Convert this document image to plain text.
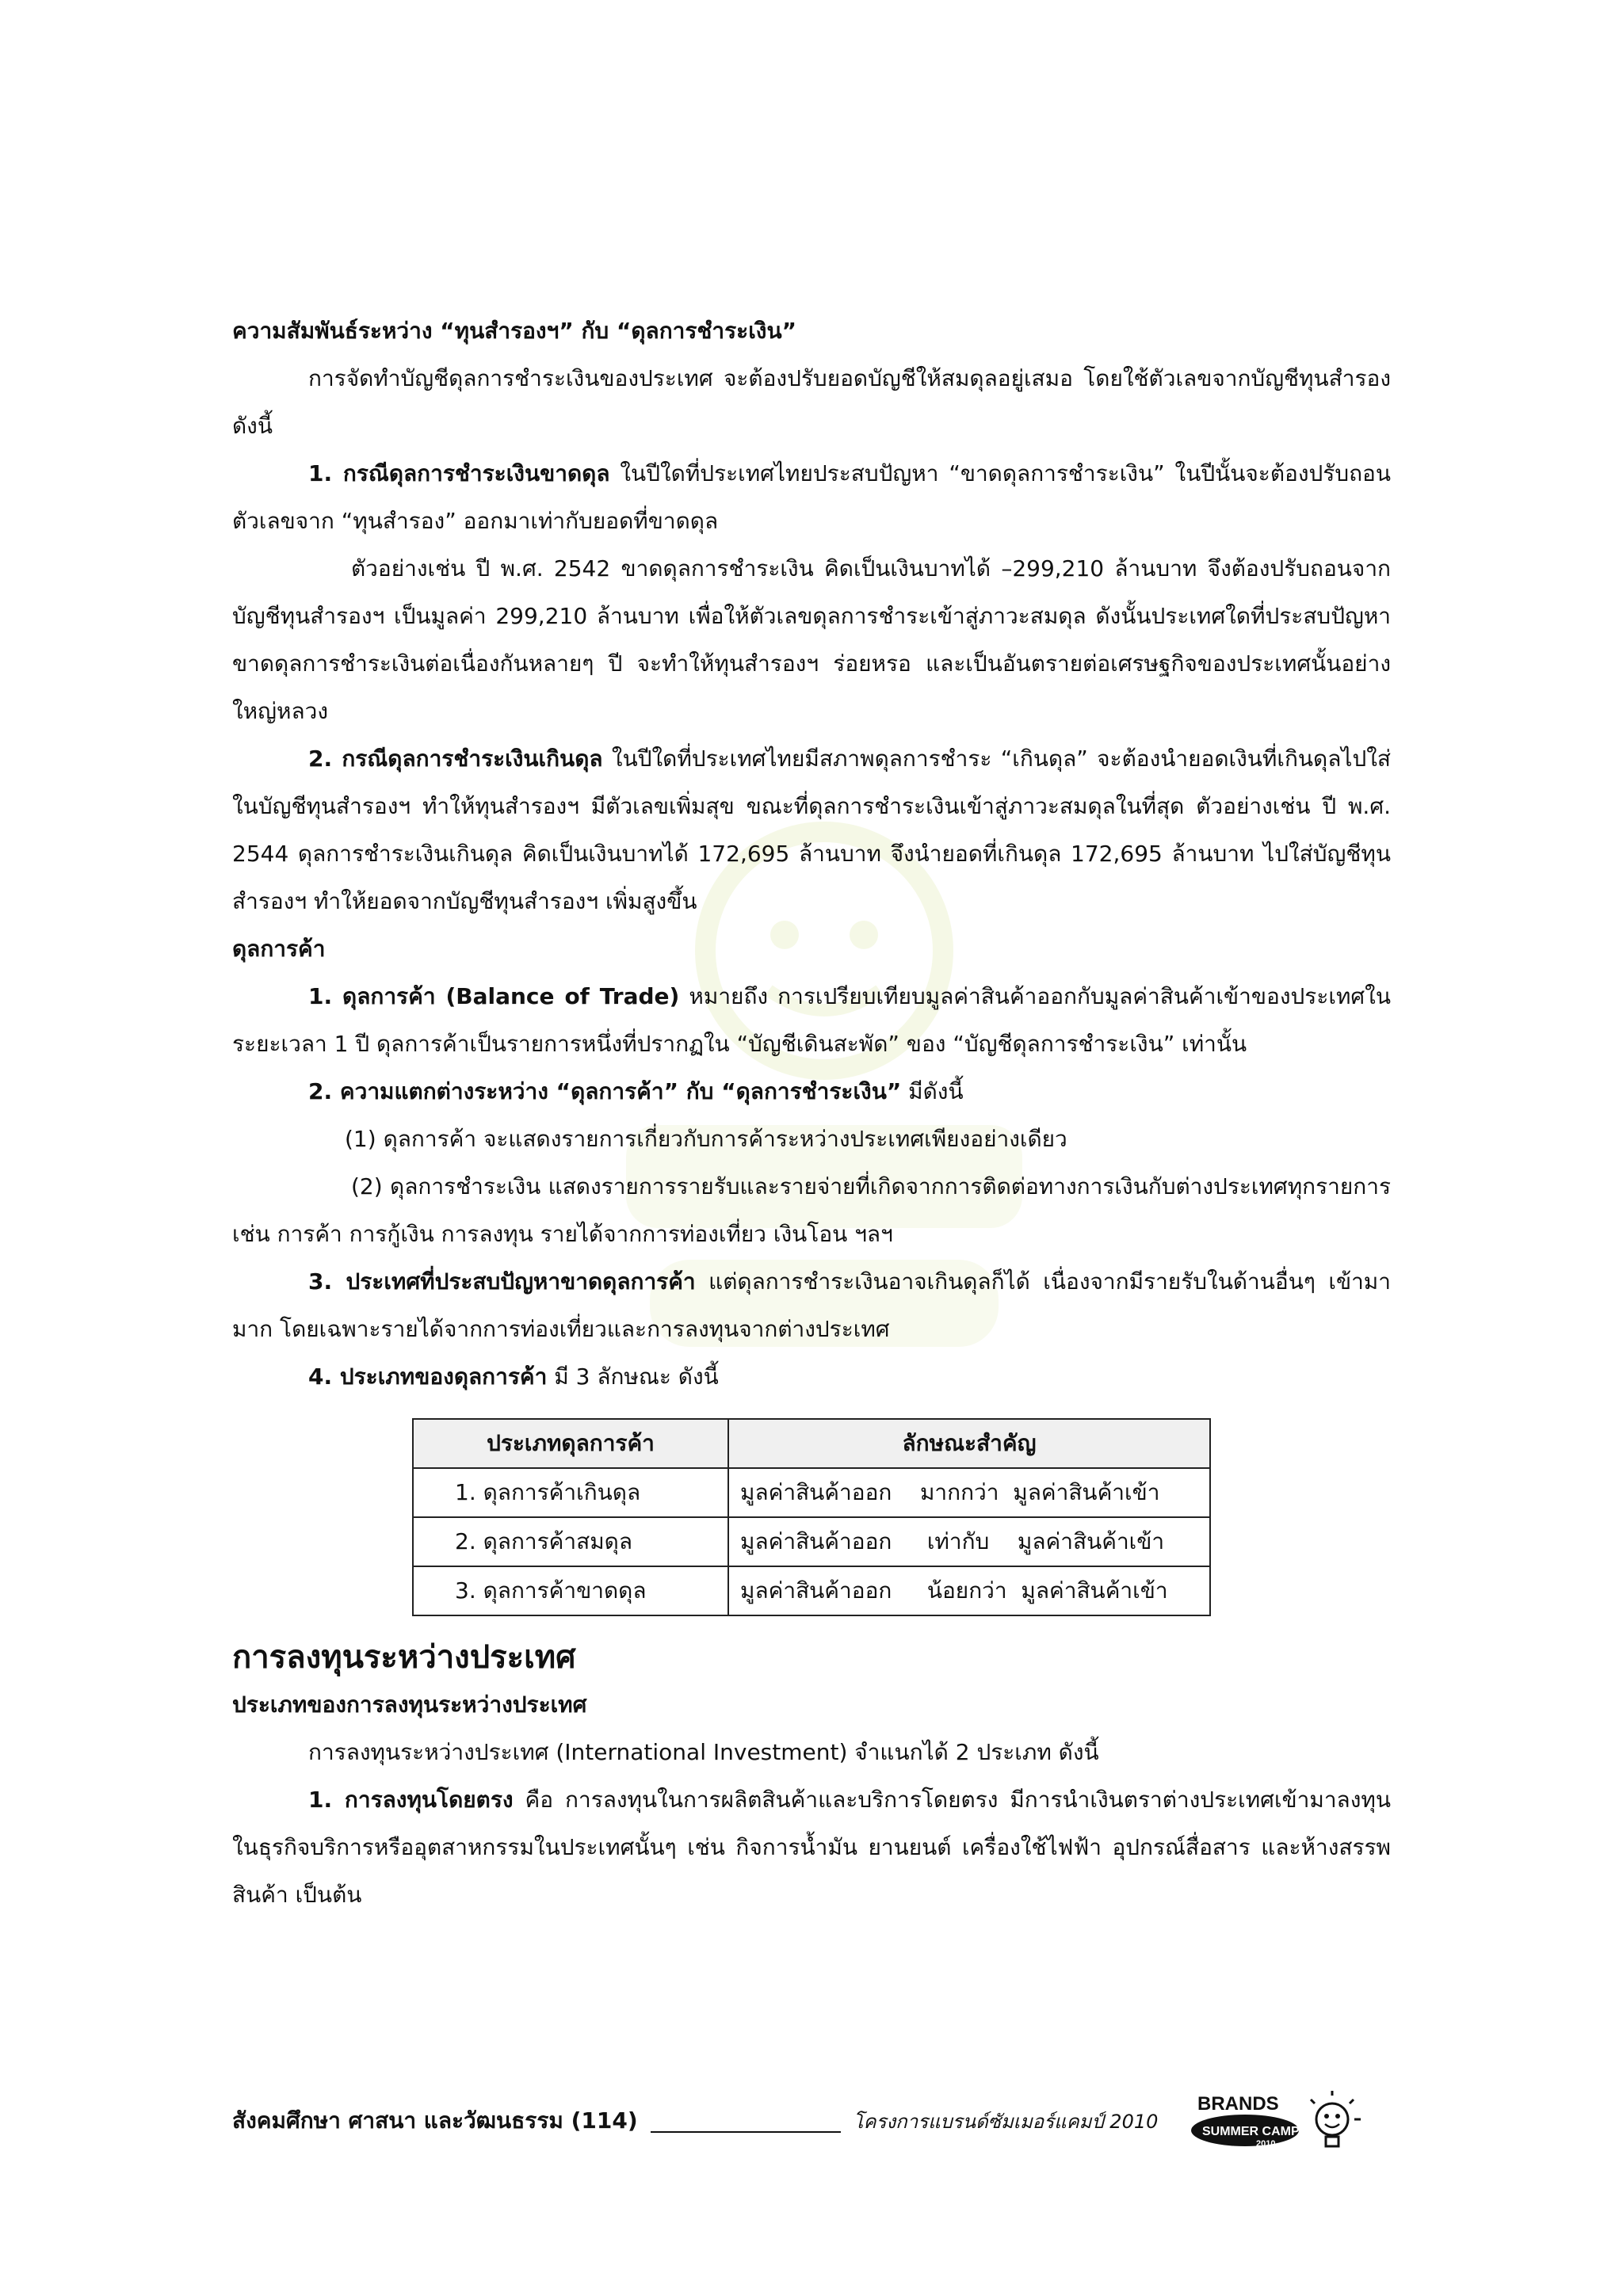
ความสัมพันธ์ระหว่าง “ทุนสำรองฯ” กับ “ดุลการชำระเงิน”

การจัดทำบัญชีดุลการชำระเงินของประเทศ จะต้องปรับยอดบัญชีให้สมดุลอยู่เสมอ โดยใช้ตัวเลขจากบัญชีทุนสำรอง ดังนี้

1. กรณีดุลการชำระเงินขาดดุล ในปีใดที่ประเทศไทยประสบปัญหา “ขาดดุลการชำระเงิน” ในปีนั้นจะต้องปรับถอนตัวเลขจาก “ทุนสำรอง” ออกมาเท่ากับยอดที่ขาดดุล

ตัวอย่างเช่น ปี พ.ศ. 2542 ขาดดุลการชำระเงิน คิดเป็นเงินบาทได้ –299,210 ล้านบาท จึงต้องปรับถอนจากบัญชีทุนสำรองฯ เป็นมูลค่า 299,210 ล้านบาท เพื่อให้ตัวเลขดุลการชำระเข้าสู่ภาวะสมดุล ดังนั้นประเทศใดที่ประสบปัญหาขาดดุลการชำระเงินต่อเนื่องกันหลายๆ ปี จะทำให้ทุนสำรองฯ ร่อยหรอ และเป็นอันตรายต่อเศรษฐกิจของประเทศนั้นอย่างใหญ่หลวง

2. กรณีดุลการชำระเงินเกินดุล ในปีใดที่ประเทศไทยมีสภาพดุลการชำระ “เกินดุล” จะต้องนำยอดเงินที่เกินดุลไปใส่ในบัญชีทุนสำรองฯ ทำให้ทุนสำรองฯ มีตัวเลขเพิ่มสุข ขณะที่ดุลการชำระเงินเข้าสู่ภาวะสมดุลในที่สุด ตัวอย่างเช่น ปี พ.ศ. 2544 ดุลการชำระเงินเกินดุล คิดเป็นเงินบาทได้ 172,695 ล้านบาท จึงนำยอดที่เกินดุล 172,695 ล้านบาท ไปใส่บัญชีทุนสำรองฯ ทำให้ยอดจากบัญชีทุนสำรองฯ เพิ่มสูงขึ้น

ดุลการค้า

1. ดุลการค้า (Balance of Trade) หมายถึง การเปรียบเทียบมูลค่าสินค้าออกกับมูลค่าสินค้าเข้าของประเทศในระยะเวลา 1 ปี ดุลการค้าเป็นรายการหนึ่งที่ปรากฏใน “บัญชีเดินสะพัด” ของ “บัญชีดุลการชำระเงิน” เท่านั้น

2. ความแตกต่างระหว่าง “ดุลการค้า” กับ “ดุลการชำระเงิน” มีดังนี้

(1) ดุลการค้า จะแสดงรายการเกี่ยวกับการค้าระหว่างประเทศเพียงอย่างเดียว

(2) ดุลการชำระเงิน แสดงรายการรายรับและรายจ่ายที่เกิดจากการติดต่อทางการเงินกับต่างประเทศทุกรายการ เช่น การค้า การกู้เงิน การลงทุน รายได้จากการท่องเที่ยว เงินโอน ฯลฯ

3. ประเทศที่ประสบปัญหาขาดดุลการค้า แต่ดุลการชำระเงินอาจเกินดุลก็ได้ เนื่องจากมีรายรับในด้านอื่นๆ เข้ามามาก โดยเฉพาะรายได้จากการท่องเที่ยวและการลงทุนจากต่างประเทศ

4. ประเภทของดุลการค้า มี 3 ลักษณะ ดังนี้

ประเภทดุลการค้า	ลักษณะสำคัญ
1. ดุลการค้าเกินดุล	มูลค่าสินค้าออก    มากกว่า  มูลค่าสินค้าเข้า
2. ดุลการค้าสมดุล	มูลค่าสินค้าออก     เท่ากับ    มูลค่าสินค้าเข้า
3. ดุลการค้าขาดดุล	มูลค่าสินค้าออก     น้อยกว่า  มูลค่าสินค้าเข้า

การลงทุนระหว่างประเทศ

ประเภทของการลงทุนระหว่างประเทศ

การลงทุนระหว่างประเทศ (International Investment) จำแนกได้ 2 ประเภท ดังนี้

1. การลงทุนโดยตรง คือ การลงทุนในการผลิตสินค้าและบริการโดยตรง มีการนำเงินตราต่างประเทศเข้ามาลงทุนในธุรกิจบริการหรืออุตสาหกรรมในประเทศนั้นๆ เช่น กิจการน้ำมัน ยานยนต์ เครื่องใช้ไฟฟ้า อุปกรณ์สื่อสาร และห้างสรรพสินค้า เป็นต้น

สังคมศึกษา ศาสนา และวัฒนธรรม (114)	โครงการแบรนด์ซัมเมอร์แคมป์ 2010
BRANDS
SUMMER CAMP
2010
